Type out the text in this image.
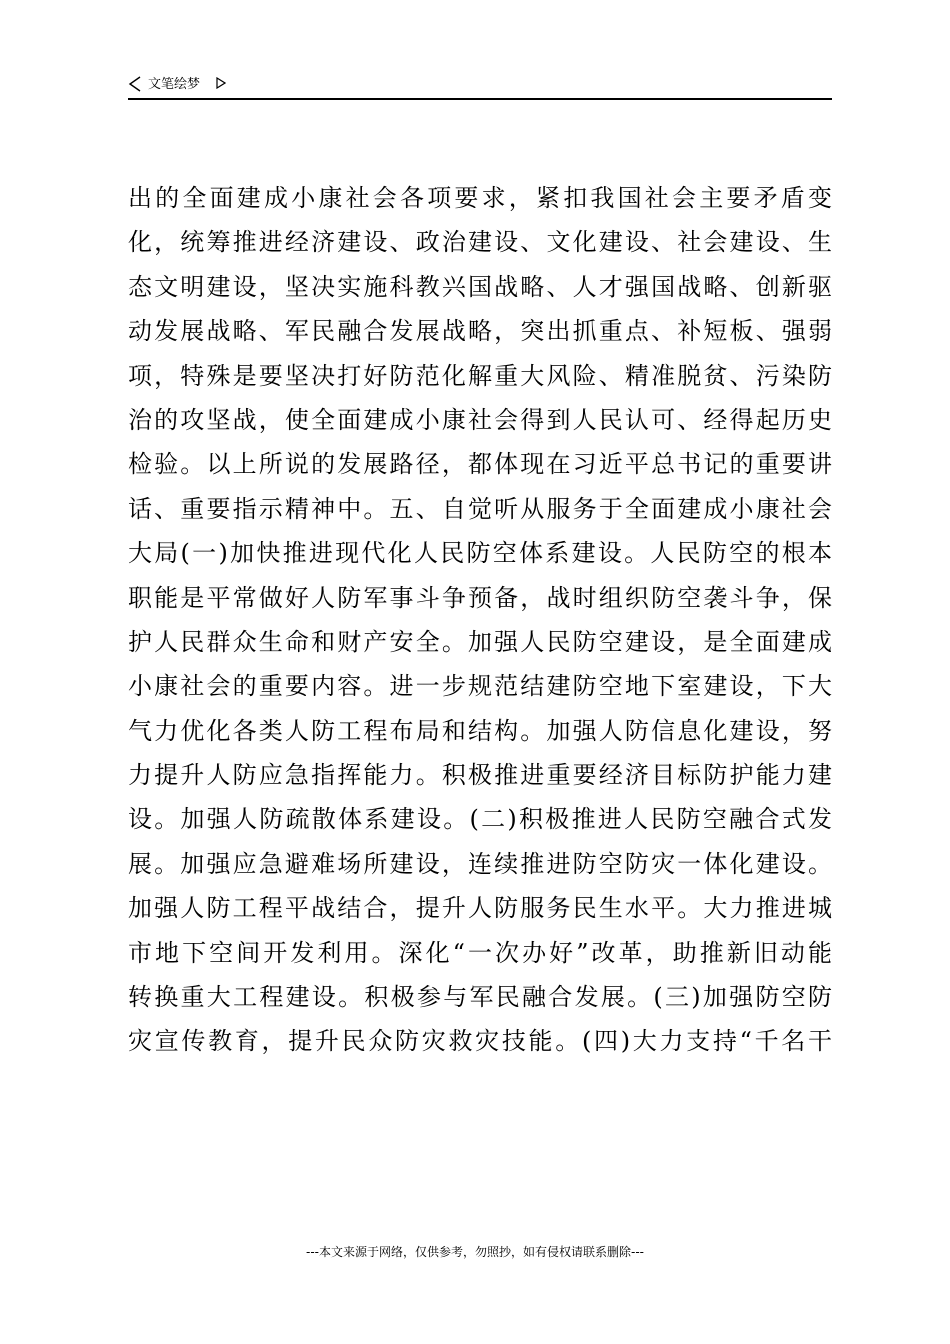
文笔绘梦
出的全面建成小康社会各项要求，紧扣我国社会主要矛盾变
化，统筹推进经济建设、政治建设、文化建设、社会建设、生
态文明建设，坚决实施科教兴国战略、人才强国战略、创新驱
动发展战略、军民融合发展战略，突出抓重点、补短板、强弱
项，特殊是要坚决打好防范化解重大风险、精准脱贫、污染防
治的攻坚战，使全面建成小康社会得到人民认可、经得起历史
检验。以上所说的发展路径，都体现在习近平总书记的重要讲
话、重要指示精神中。五、自觉听从服务于全面建成小康社会
大局(一)加快推进现代化人民防空体系建设。人民防空的根本
职能是平常做好人防军事斗争预备，战时组织防空袭斗争，保
护人民群众生命和财产安全。加强人民防空建设，是全面建成
小康社会的重要内容。进一步规范结建防空地下室建设，下大
气力优化各类人防工程布局和结构。加强人防信息化建设，努
力提升人防应急指挥能力。积极推进重要经济目标防护能力建
设。加强人防疏散体系建设。(二)积极推进人民防空融合式发
展。加强应急避难场所建设，连续推进防空防灾一体化建设。
加强人防工程平战结合，提升人防服务民生水平。大力推进城
市地下空间开发利用。深化“一次办好”改革，助推新旧动能
转换重大工程建设。积极参与军民融合发展。(三)加强防空防
灾宣传教育，提升民众防灾救灾技能。(四)大力支持“千名干
---本文来源于网络，仅供参考，勿照抄，如有侵权请联系删除---
